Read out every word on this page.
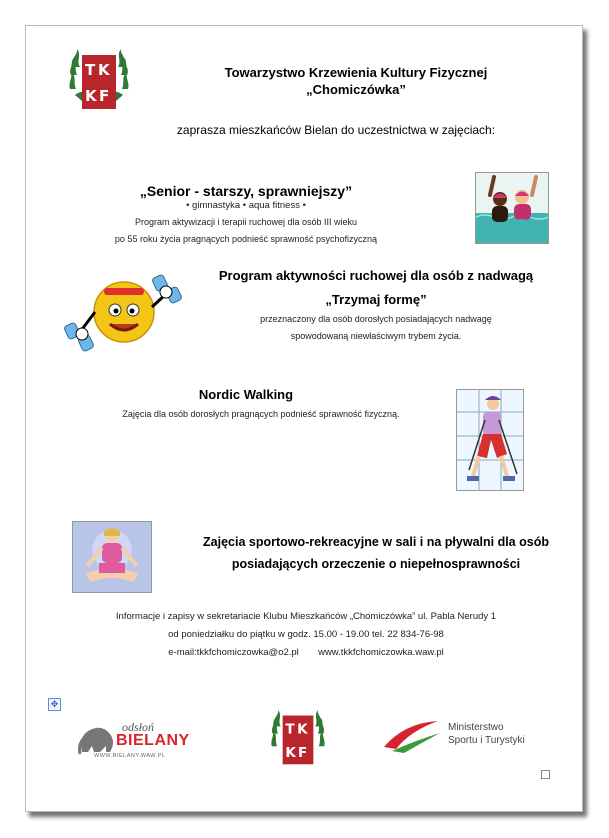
T K
K F
Towarzystwo Krzewienia Kultury Fizycznej
„Chomiczówka”
zaprasza mieszkańców Bielan do uczestnictwa w zajęciach:
„Senior - starszy, sprawniejszy”
• gimnastyka • aqua fitness •
Program aktywizacji i terapii ruchowej dla osób III wieku
po 55 roku życia pragnących podnieść sprawność psychofizyczną
Program aktywności ruchowej dla osób z nadwagą
„Trzymaj formę”
przeznaczony dla osób dorosłych posiadających nadwagę
spowodowaną niewłaściwym trybem życia.
Nordic Walking
Zajęcia dla osób dorosłych pragnących podnieść sprawność fizyczną.
Zajęcia sportowo-rekreacyjne w sali i na pływalni dla osób
posiadających orzeczenie o niepełnosprawności
Informacje i zapisy w sekretariacie Klubu Mieszkańców „Chomiczówka” ul. Pabla Nerudy 1
od poniedziałku do piątku w godz. 15.00 - 19.00 tel. 22 834-76-98
e-mail:tkkfchomiczowka@o2.pl www.tkkfchomiczowka.waw.pl
✥
odsłoń
BIELANY
WWW.BIELANY.WAW.PL
T K
K F
Ministerstwo
Sportu i Turystyki
